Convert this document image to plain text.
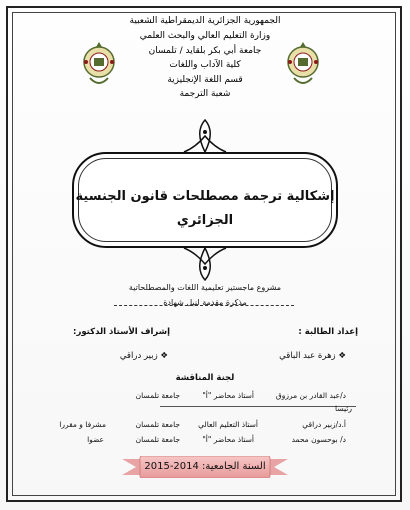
الجمهورية الجزائرية الديمقراطية الشعبية
وزارة التعليم العالي والبحث العلمي
جامعة أبي بكر بلقايد / تلمسان
كلية الآداب واللغات
قسم اللغة الإنجليزية
شعبة الترجمة
إشكالية ترجمة مصطلحات قانون الجنسية
الجزائري
مشروع ماجستير تعليمية اللغات والمصطلحاتية
مذكرة مقدمة لنيل شهادة
إعداد الطالبة :
إشراف الأستاذ الدكتور:
❖ زهرة عبد الباقي
❖ زبير دراقي
لجنة المناقشة
د/عبد القادر بن مرزوق
أستاذ محاضر "أ"
جامعة تلمسان
رئيسا
أ.د/زبير دراقي
أستاذ التعليم العالي
جامعة تلمسان
مشرفا و مقررا
د/ بوحسون محمد
أستاذ محاضر "أ"
جامعة تلمسان
عضوا
السنة الجامعية: 2014-2015
